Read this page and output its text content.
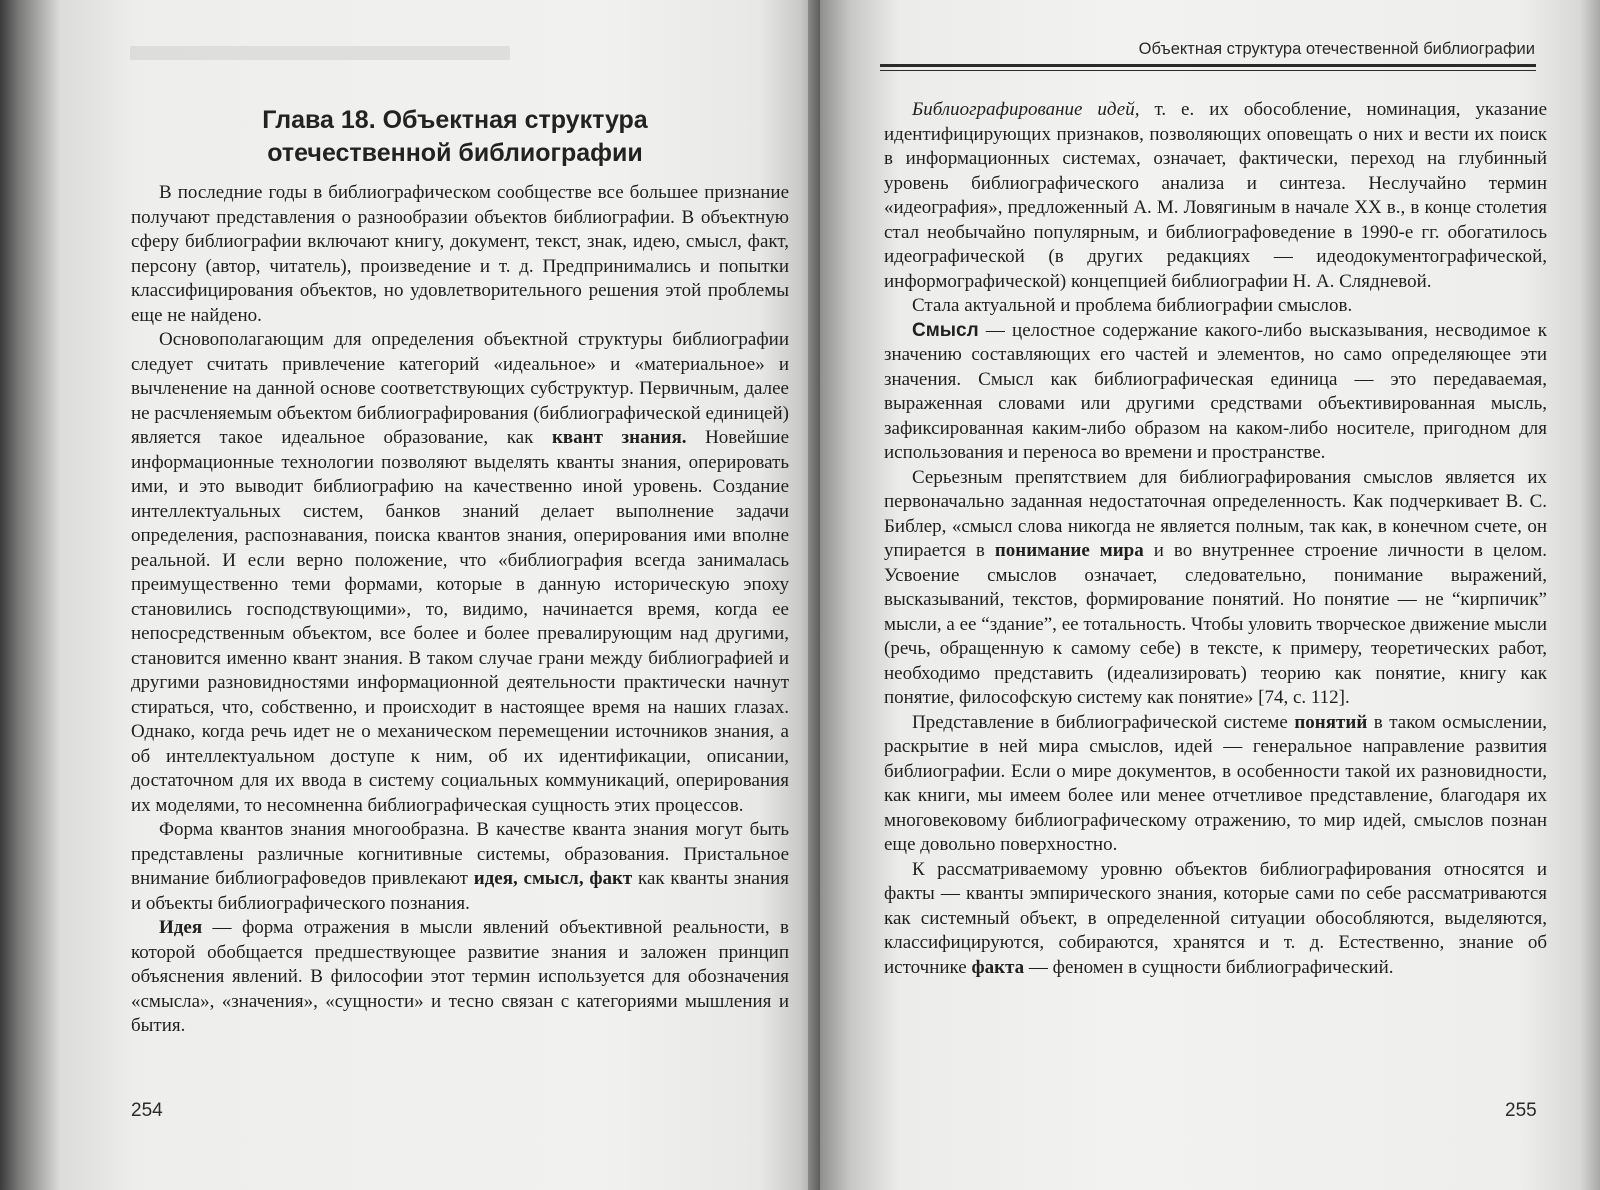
Глава 18. Объектная структура
отечественной библиографии

В последние годы в библиографическом сообществе все большее признание получают представления о разнообразии объектов библиографии. В объектную сферу библиографии включают книгу, документ, текст, знак, идею, смысл, факт, персону (автор, читатель), произведение и т. д. Предпринимались и попытки классифицирования объектов, но удовлетворительного решения этой проблемы еще не найдено.

Основополагающим для определения объектной структуры библиографии следует считать привлечение категорий «идеальное» и «материальное» и вычленение на данной основе соответствующих субструктур. Первичным, далее не расчленяемым объектом библиографирования (библиографической единицей) является такое идеальное образование, как квант знания. Новейшие информационные технологии позволяют выделять кванты знания, оперировать ими, и это выводит библиографию на качественно иной уровень. Создание интеллектуальных систем, банков знаний делает выполнение задачи определения, распознавания, поиска квантов знания, оперирования ими вполне реальной. И если верно положение, что «библиография всегда занималась преимущественно теми формами, которые в данную историческую эпоху становились господствующими», то, видимо, начинается время, когда ее непосредственным объектом, все более и более превалирующим над другими, становится именно квант знания. В таком случае грани между библиографией и другими разновидностями информационной деятельности практически начнут стираться, что, собственно, и происходит в настоящее время на наших глазах. Однако, когда речь идет не о механическом перемещении источников знания, а об интеллектуальном доступе к ним, об их идентификации, описании, достаточном для их ввода в систему социальных коммуникаций, оперирования их моделями, то несомненна библиографическая сущность этих процессов.

Форма квантов знания многообразна. В качестве кванта знания могут быть представлены различные когнитивные системы, образования. Пристальное внимание библиографоведов привлекают идея, смысл, факт как кванты знания и объекты библиографического познания.

Идея — форма отражения в мысли явлений объективной реальности, в которой обобщается предшествующее развитие знания и заложен принцип объяснения явлений. В философии этот термин используется для обозначения «смысла», «значения», «сущности» и тесно связан с категориями мышления и бытия.

254

Объектная структура отечественной библиографии

Библиографирование идей, т. е. их обособление, номинация, указание идентифицирующих признаков, позволяющих оповещать о них и вести их поиск в информационных системах, означает, фактически, переход на глубинный уровень библиографического анализа и синтеза. Неслучайно термин «идеография», предложенный А. М. Ловягиным в начале XX в., в конце столетия стал необычайно популярным, и библиографоведение в 1990-е гг. обогатилось идеографической (в других редакциях — идеодокументографической, информографической) концепцией библиографии Н. А. Слядневой.

Стала актуальной и проблема библиографии смыслов.

Смысл — целостное содержание какого-либо высказывания, несводимое к значению составляющих его частей и элементов, но само определяющее эти значения. Смысл как библиографическая единица — это передаваемая, выраженная словами или другими средствами объективированная мысль, зафиксированная каким-либо образом на каком-либо носителе, пригодном для использования и переноса во времени и пространстве.

Серьезным препятствием для библиографирования смыслов является их первоначально заданная недостаточная определенность. Как подчеркивает В. С. Библер, «смысл слова никогда не является полным, так как, в конечном счете, он упирается в понимание мира и во внутреннее строение личности в целом. Усвоение смыслов означает, следовательно, понимание выражений, высказываний, текстов, формирование понятий. Но понятие — не “кирпичик” мысли, а ее “здание”, ее тотальность. Чтобы уловить творческое движение мысли (речь, обращенную к самому себе) в тексте, к примеру, теоретических работ, необходимо представить (идеализировать) теорию как понятие, книгу как понятие, философскую систему как понятие» [74, с. 112].

Представление в библиографической системе понятий в таком осмыслении, раскрытие в ней мира смыслов, идей — генеральное направление развития библиографии. Если о мире документов, в особенности такой их разновидности, как книги, мы имеем более или менее отчетливое представление, благодаря их многовековому библиографическому отражению, то мир идей, смыслов познан еще довольно поверхностно.

К рассматриваемому уровню объектов библиографирования относятся и факты — кванты эмпирического знания, которые сами по себе рассматриваются как системный объект, в определенной ситуации обособляются, выделяются, классифицируются, собираются, хранятся и т. д. Естественно, знание об источнике факта — феномен в сущности библиографический.

255
